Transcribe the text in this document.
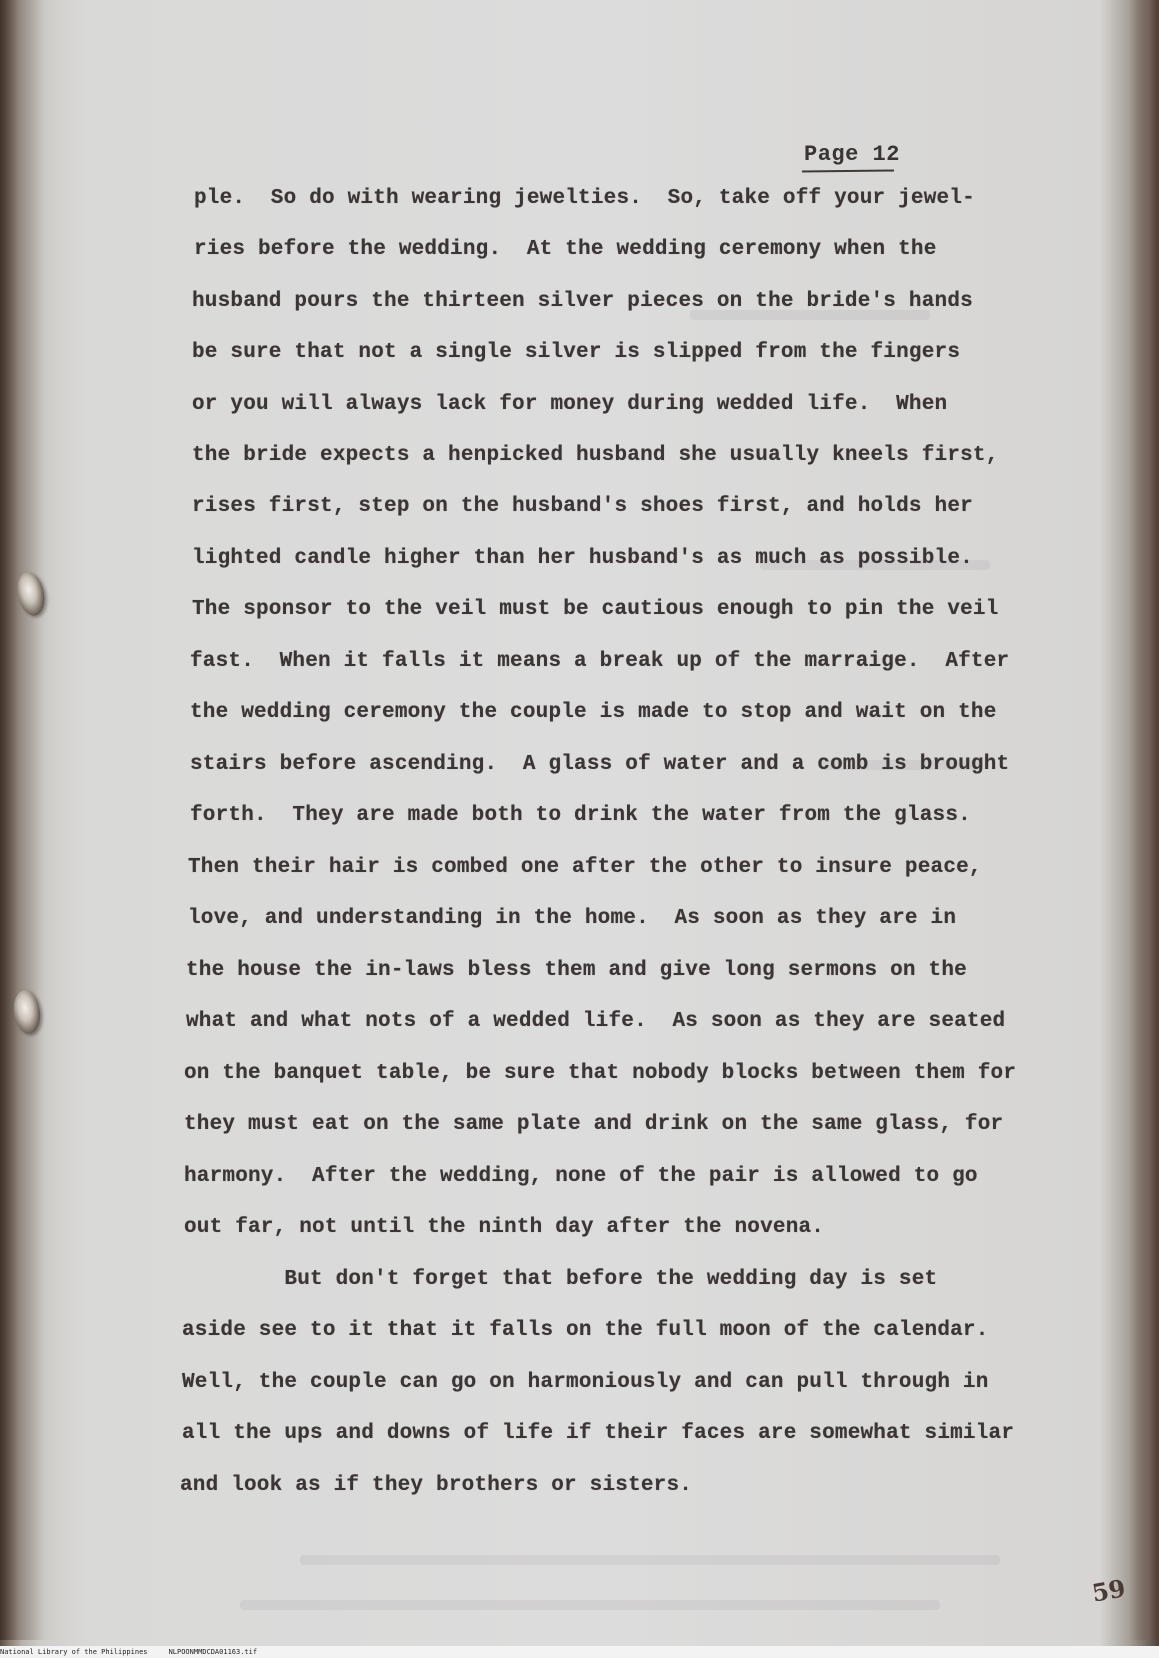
Page 12
ple.  So do with wearing jewelties.  So, take off your jewel-
ries before the wedding.  At the wedding ceremony when the
husband pours the thirteen silver pieces on the bride's hands
be sure that not a single silver is slipped from the fingers
or you will always lack for money during wedded life.  When
the bride expects a henpicked husband she usually kneels first,
rises first, step on the husband's shoes first, and holds her
lighted candle higher than her husband's as much as possible.
The sponsor to the veil must be cautious enough to pin the veil
fast.  When it falls it means a break up of the marraige.  After
the wedding ceremony the couple is made to stop and wait on the
stairs before ascending.  A glass of water and a comb is brought
forth.  They are made both to drink the water from the glass.
Then their hair is combed one after the other to insure peace,
love, and understanding in the home.  As soon as they are in
the house the in-laws bless them and give long sermons on the
what and what nots of a wedded life.  As soon as they are seated
on the banquet table, be sure that nobody blocks between them for
they must eat on the same plate and drink on the same glass, for
harmony.  After the wedding, none of the pair is allowed to go
out far, not until the ninth day after the novena.
But don't forget that before the wedding day is set
aside see to it that it falls on the full moon of the calendar.
Well, the couple can go on harmoniously and can pull through in
all the ups and downs of life if their faces are somewhat similar
and look as if they brothers or sisters.
59
National Library of the Philippines     NLPOONMMDCDA01163.tif
